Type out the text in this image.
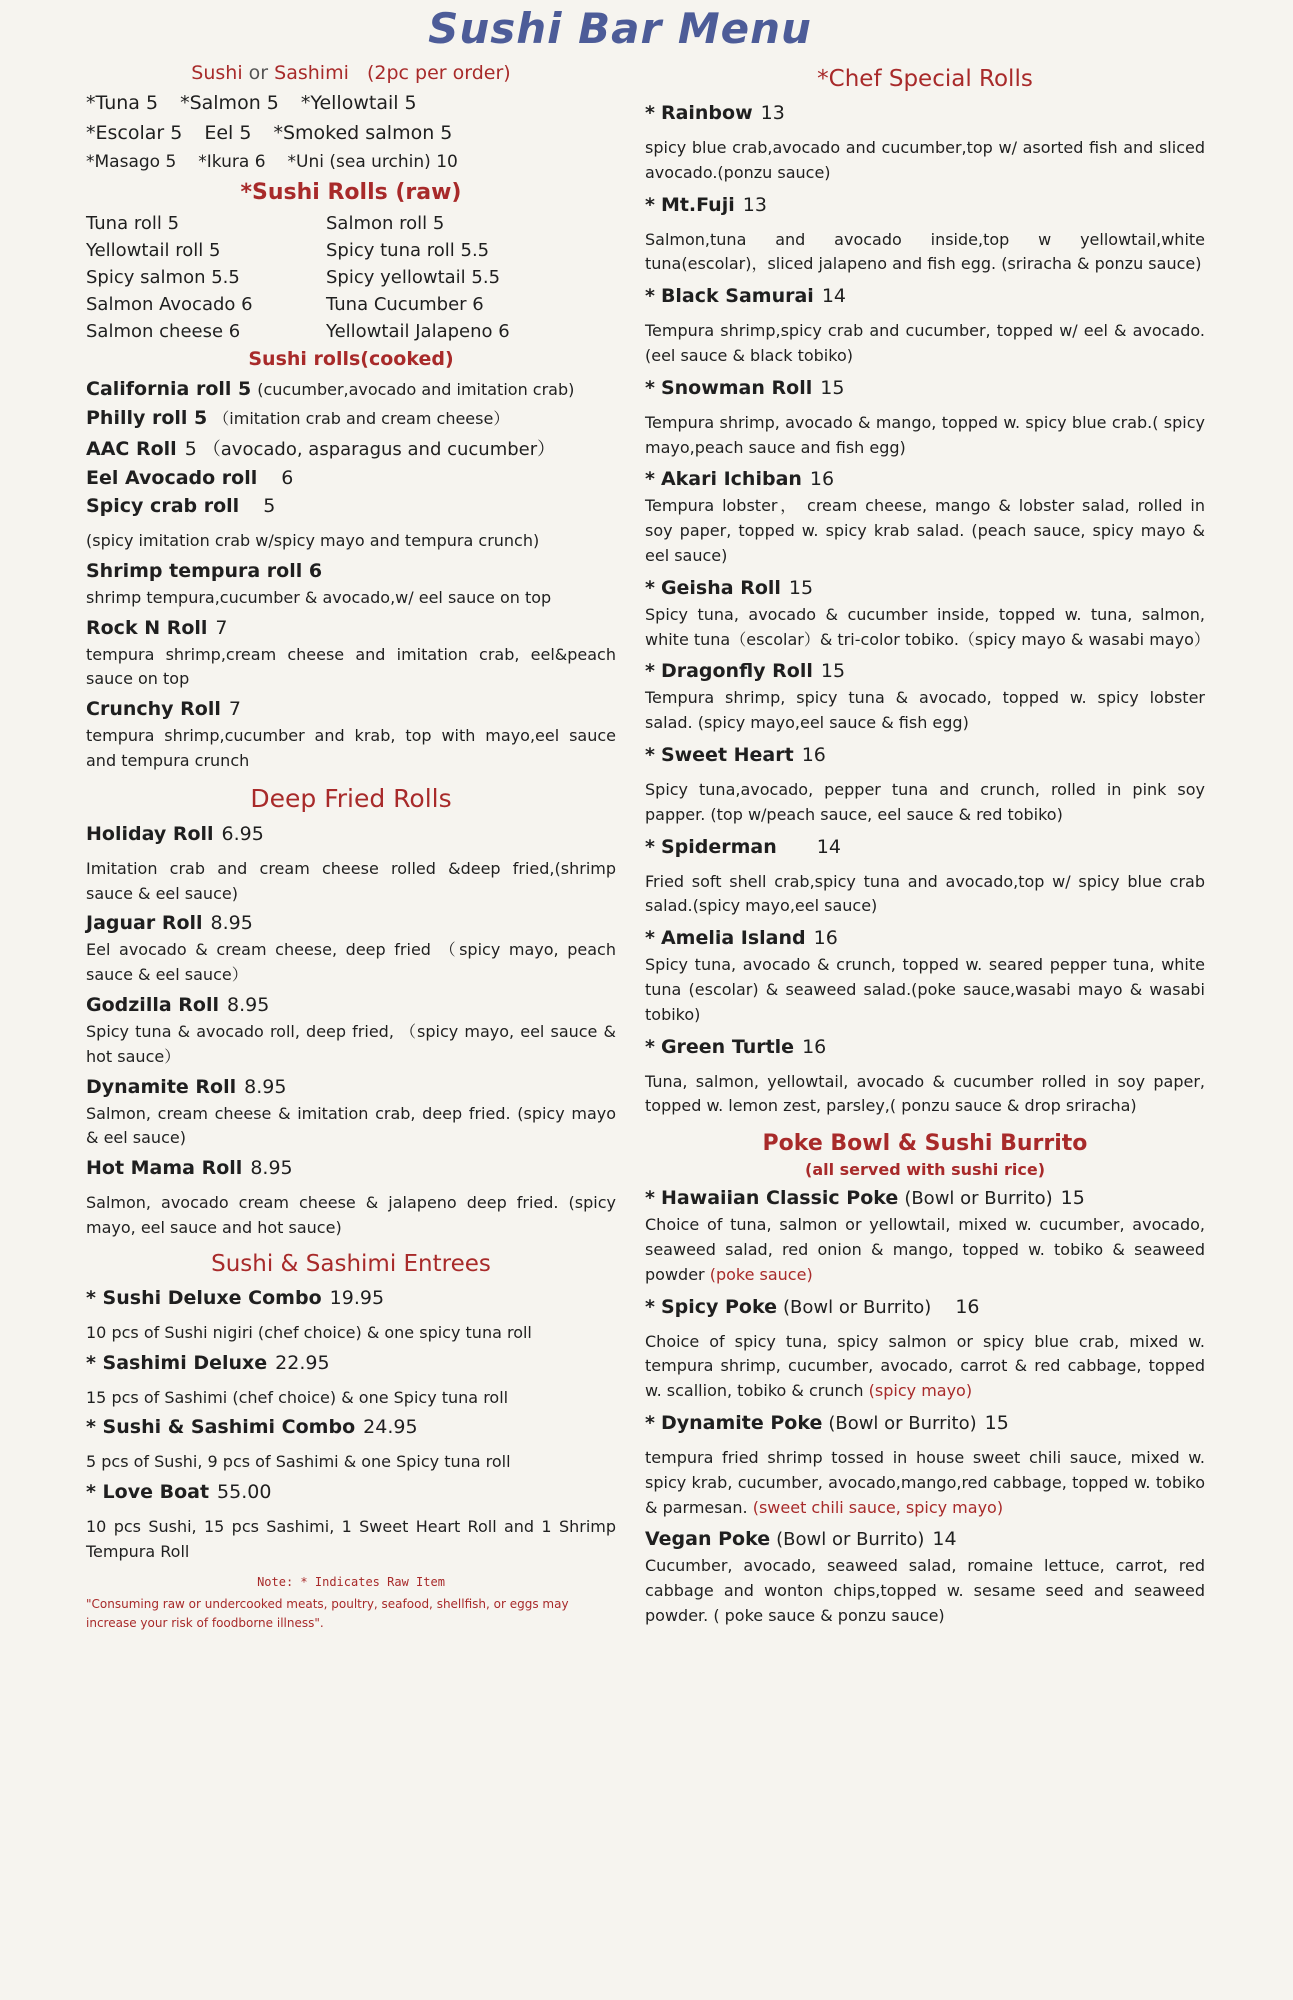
Sushi Bar Menu
Sushi or Sashimi (2pc per order)
*Tuna 5 *Salmon 5 *Yellowtail 5
*Escolar 5 Eel 5 *Smoked salmon 5
*Masago 5 *Ikura 6 *Uni (sea urchin) 10
*Sushi Rolls (raw)
Tuna roll 5	Salmon roll 5
Yellowtail roll 5	Spicy tuna roll 5.5
Spicy salmon 5.5	Spicy yellowtail 5.5
Salmon Avocado 6	Tuna Cucumber 6
Salmon cheese 6	Yellowtail Jalapeno 6
Sushi rolls(cooked)
California roll 5 (cucumber,avocado and imitation crab)
Philly roll 5 （imitation crab and cream cheese）
AAC Roll 5 （avocado, asparagus and cucumber）
Eel Avocado roll 6
Spicy crab roll 5
(spicy imitation crab w/spicy mayo and tempura crunch)
Shrimp tempura roll 6
shrimp tempura,cucumber & avocado,w/ eel sauce on top
Rock N Roll 7
tempura shrimp,cream cheese and imitation crab, eel&peach sauce on top
Crunchy Roll 7
tempura shrimp,cucumber and krab, top with mayo,eel sauce and tempura crunch
Deep Fried Rolls
Holiday Roll 6.95
Imitation crab and cream cheese rolled &deep fried,(shrimp sauce & eel sauce)
Jaguar Roll 8.95
Eel avocado & cream cheese, deep fried （spicy mayo, peach sauce & eel sauce）
Godzilla Roll 8.95
Spicy tuna & avocado roll, deep fried, （spicy mayo, eel sauce & hot sauce）
Dynamite Roll 8.95
Salmon, cream cheese & imitation crab, deep fried. (spicy mayo & eel sauce)
Hot Mama Roll 8.95
Salmon, avocado cream cheese & jalapeno deep fried. (spicy mayo, eel sauce and hot sauce)
Sushi & Sashimi Entrees
* Sushi Deluxe Combo 19.95
10 pcs of Sushi nigiri (chef choice) & one spicy tuna roll
* Sashimi Deluxe 22.95
15 pcs of Sashimi (chef choice) & one Spicy tuna roll
* Sushi & Sashimi Combo 24.95
5 pcs of Sushi, 9 pcs of Sashimi & one Spicy tuna roll
* Love Boat 55.00
10 pcs Sushi, 15 pcs Sashimi, 1 Sweet Heart Roll and 1 Shrimp Tempura Roll
Note: * Indicates Raw Item
"Consuming raw or undercooked meats, poultry, seafood, shellfish, or eggs may increase your risk of foodborne illness".
*Chef Special Rolls
* Rainbow 13
spicy blue crab,avocado and cucumber,top w/ asorted fish and sliced avocado.(ponzu sauce)
* Mt.Fuji 13
Salmon,tuna and avocado inside,top w yellowtail,white tuna(escolar)，sliced jalapeno and fish egg. (sriracha & ponzu sauce)
* Black Samurai 14
Tempura shrimp,spicy crab and cucumber, topped w/ eel & avocado.(eel sauce & black tobiko)
* Snowman Roll 15
Tempura shrimp, avocado & mango, topped w. spicy blue crab.( spicy mayo,peach sauce and fish egg)
* Akari Ichiban 16
Tempura lobster， cream cheese, mango & lobster salad, rolled in soy paper, topped w. spicy krab salad. (peach sauce, spicy mayo & eel sauce)
* Geisha Roll 15
Spicy tuna, avocado & cucumber inside, topped w. tuna, salmon, white tuna（escolar）& tri-color tobiko.（spicy mayo & wasabi mayo）
* Dragonfly Roll 15
Tempura shrimp, spicy tuna & avocado, topped w. spicy lobster salad. (spicy mayo,eel sauce & fish egg)
* Sweet Heart 16
Spicy tuna,avocado, pepper tuna and crunch, rolled in pink soy papper. (top w/peach sauce, eel sauce & red tobiko)
* Spiderman 14
Fried soft shell crab,spicy tuna and avocado,top w/ spicy blue crab salad.(spicy mayo,eel sauce)
* Amelia Island 16
Spicy tuna, avocado & crunch, topped w. seared pepper tuna, white tuna (escolar) & seaweed salad.(poke sauce,wasabi mayo & wasabi tobiko)
* Green Turtle 16
Tuna, salmon, yellowtail, avocado & cucumber rolled in soy paper, topped w. lemon zest, parsley,( ponzu sauce & drop sriracha)
Poke Bowl & Sushi Burrito
(all served with sushi rice)
* Hawaiian Classic Poke (Bowl or Burrito) 15
Choice of tuna, salmon or yellowtail, mixed w. cucumber, avocado, seaweed salad, red onion & mango, topped w. tobiko & seaweed powder (poke sauce)
* Spicy Poke (Bowl or Burrito) 16
Choice of spicy tuna, spicy salmon or spicy blue crab, mixed w. tempura shrimp, cucumber, avocado, carrot & red cabbage, topped w. scallion, tobiko & crunch (spicy mayo)
* Dynamite Poke (Bowl or Burrito) 15
tempura fried shrimp tossed in house sweet chili sauce, mixed w. spicy krab, cucumber, avocado,mango,red cabbage, topped w. tobiko & parmesan. (sweet chili sauce, spicy mayo)
Vegan Poke (Bowl or Burrito) 14
Cucumber, avocado, seaweed salad, romaine lettuce, carrot, red cabbage and wonton chips,topped w. sesame seed and seaweed powder. ( poke sauce & ponzu sauce)
